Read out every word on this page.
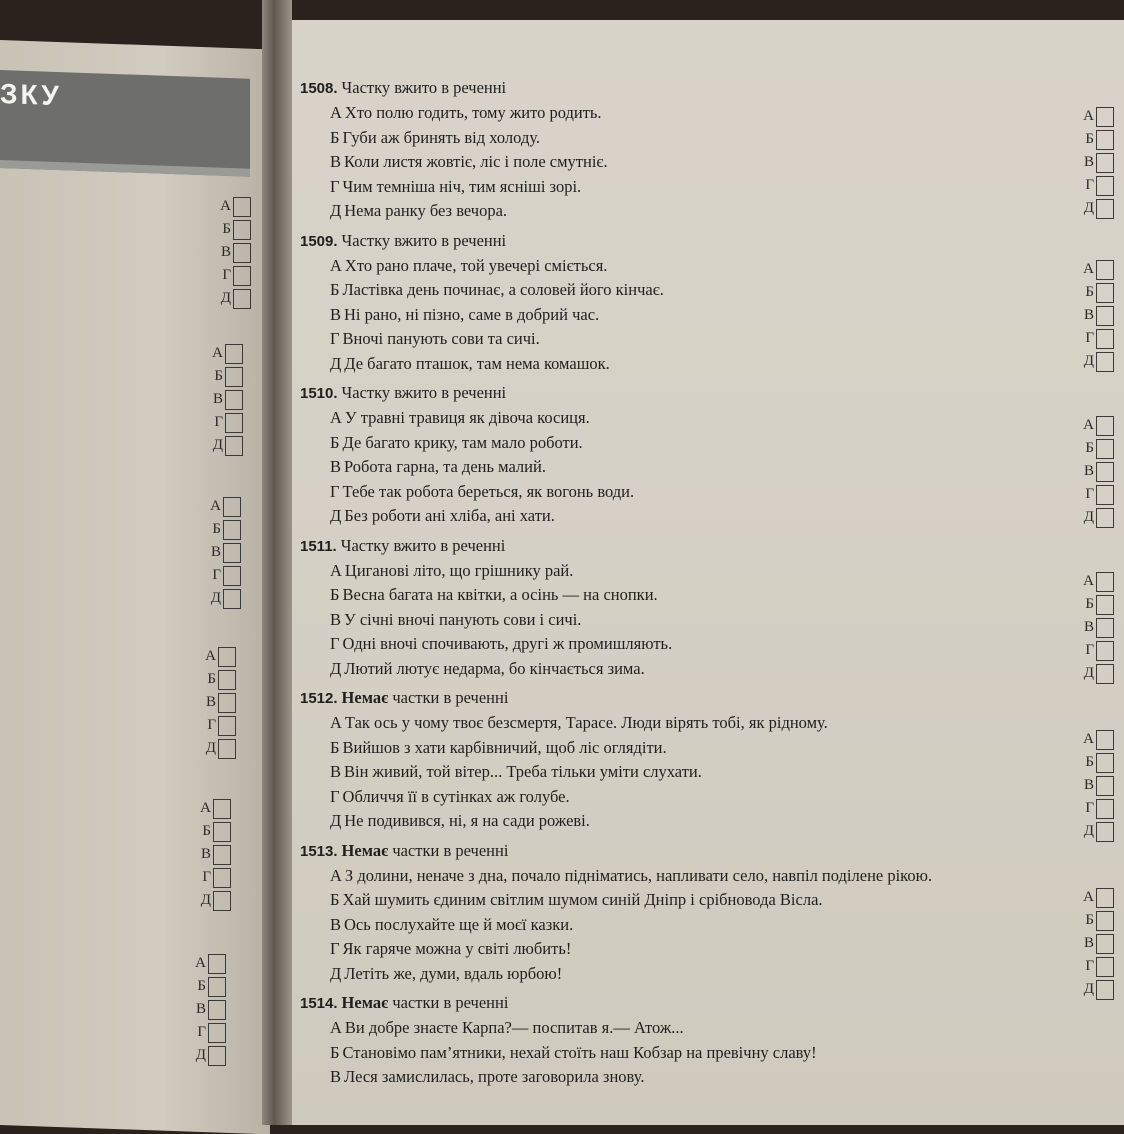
ЗКУ
А
Б
В
Г
Д
А
Б
В
Г
Д
А
Б
В
Г
Д
А
Б
В
Г
Д
А
Б
В
Г
Д
А
Б
В
Г
Д
А
Б
В
Г
Д
А
Б
В
Г
Д
А
Б
В
Г
Д
А
Б
В
Г
Д
А
Б
В
Г
Д
А
Б
В
Г
Д
1508. Частку вжито в реченні
А Хто полю годить, тому жито родить.
Б Губи аж бринять від холоду.
В Коли листя жовтіє, ліс і поле смутніє.
Г Чим темніша ніч, тим ясніші зорі.
Д Нема ранку без вечора.
1509. Частку вжито в реченні
А Хто рано плаче, той увечері сміється.
Б Ластівка день починає, а соловей його кінчає.
В Ні рано, ні пізно, саме в добрий час.
Г Вночі панують сови та сичі.
Д Де багато пташок, там нема комашок.
1510. Частку вжито в реченні
А У травні травиця як дівоча косиця.
Б Де багато крику, там мало роботи.
В Робота гарна, та день малий.
Г Тебе так робота береться, як вогонь води.
Д Без роботи ані хліба, ані хати.
1511. Частку вжито в реченні
А Циганові літо, що грішнику рай.
Б Весна багата на квітки, а осінь — на снопки.
В У січні вночі панують сови і сичі.
Г Одні вночі спочивають, другі ж промишляють.
Д Лютий лютує недарма, бо кінчається зима.
1512. Немає частки в реченні
А Так ось у чому твоє безсмертя, Тарасе. Люди вірять тобі, як рідному.
Б Вийшов з хати карбівничий, щоб ліс оглядіти.
В Він живий, той вітер... Треба тільки уміти слухати.
Г Обличчя її в сутінках аж голубе.
Д Не подивився, ні, я на сади рожеві.
1513. Немає частки в реченні
А З долини, неначе з дна, почало підніматись, напливати село, навпіл поділене рікою.
Б Хай шумить єдиним світлим шумом синій Дніпр і срібновода Вісла.
В Ось послухайте ще й моєї казки.
Г Як гаряче можна у світі любить!
Д Летіть же, думи, вдаль юрбою!
1514. Немає частки в реченні
А Ви добре знаєте Карпа?— поспитав я.— Атож...
Б Становімо пам’ятники, нехай стоїть наш Кобзар на превічну славу!
В Леся замислилась, проте заговорила знову.
